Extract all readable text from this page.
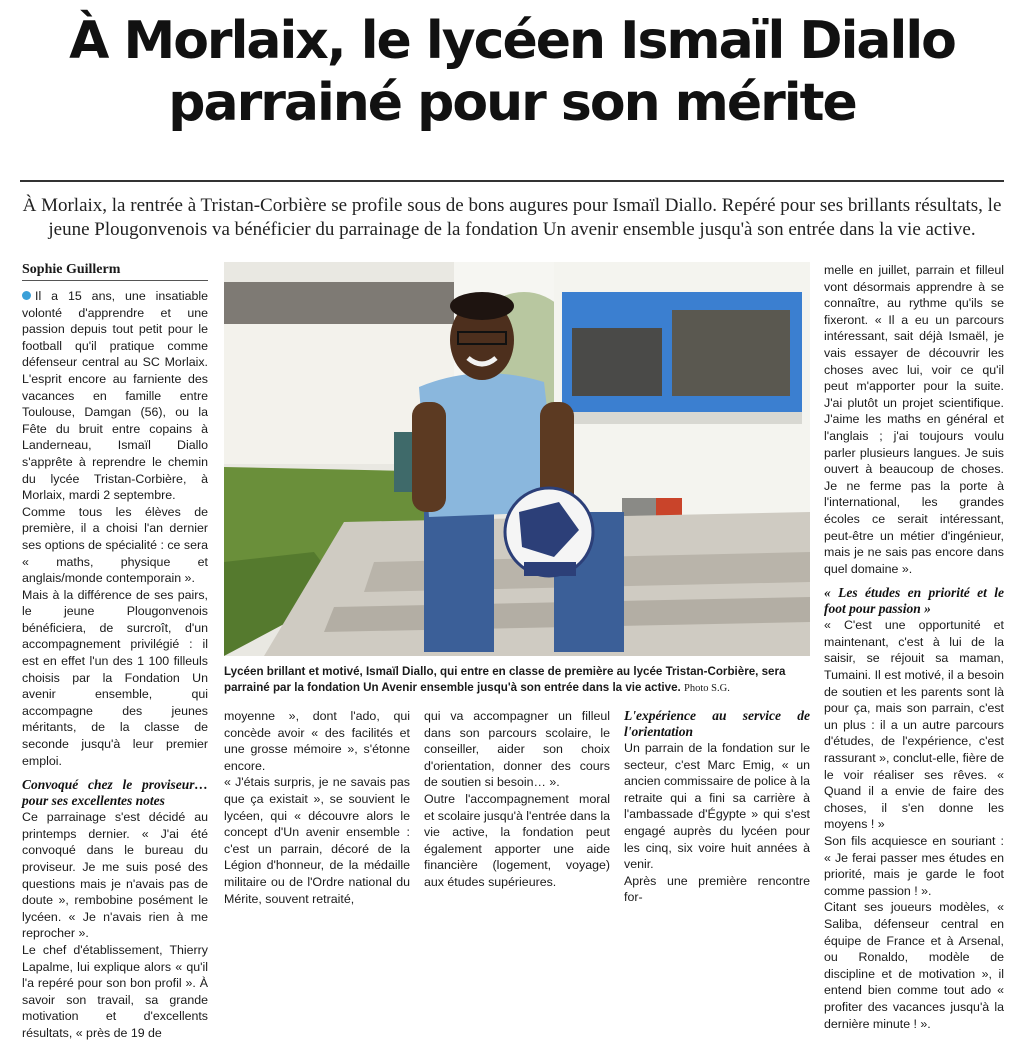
À Morlaix, le lycéen Ismaïl Diallo
parrainé pour son mérite
À Morlaix, la rentrée à Tristan-Corbière se profile sous de bons augures pour Ismaïl Diallo. Repéré pour ses brillants résultats, le jeune Plougonvenois va bénéficier du parrainage de la fondation Un avenir ensemble jusqu'à son entrée dans la vie active.
Sophie Guillerm

Il a 15 ans, une insatiable volonté d'apprendre et une passion depuis tout petit pour le football qu'il pratique comme défenseur central au SC Morlaix. L'esprit encore au farniente des vacances en famille entre Toulouse, Damgan (56), ou la Fête du bruit entre copains à Landerneau, Ismaïl Diallo s'apprête à reprendre le chemin du lycée Tristan-Corbière, à Morlaix, mardi 2 septembre.

Comme tous les élèves de première, il a choisi l'an dernier ses options de spécialité : ce sera « maths, physique et anglais/monde contemporain ».

Mais à la différence de ses pairs, le jeune Plougonvenois bénéficiera, de surcroît, d'un accompagnement privilégié : il est en effet l'un des 1 100 filleuls choisis par la Fondation Un avenir ensemble, qui accompagne des jeunes méritants, de la classe de seconde jusqu'à leur premier emploi.

Convoqué chez le proviseur… pour ses excellentes notes

Ce parrainage s'est décidé au printemps dernier. « J'ai été convoqué dans le bureau du proviseur. Je me suis posé des questions mais je n'avais pas de doute », rembobine posément le lycéen. « Je n'avais rien à me reprocher ».

Le chef d'établissement, Thierry Lapalme, lui explique alors « qu'il l'a repéré pour son bon profil ». À savoir son travail, sa grande motivation et d'excellents résultats, « près de 19 de

Lycéen brillant et motivé, Ismaïl Diallo, qui entre en classe de première au lycée Tristan-Corbière, sera parrainé par la fondation Un Avenir ensemble jusqu'à son entrée dans la vie active. Photo S.G.

moyenne », dont l'ado, qui concède avoir « des facilités et une grosse mémoire », s'étonne encore.

« J'étais surpris, je ne savais pas que ça existait », se souvient le lycéen, qui « découvre alors le concept d'Un avenir ensemble : c'est un parrain, décoré de la Légion d'honneur, de la médaille militaire ou de l'Ordre national du Mérite, souvent retraité,

qui va accompagner un filleul dans son parcours scolaire, le conseiller, aider son choix d'orientation, donner des cours de soutien si besoin… ».

Outre l'accompagnement moral et scolaire jusqu'à l'entrée dans la vie active, la fondation peut également apporter une aide financière (logement, voyage) aux études supérieures.

L'expérience au service de l'orientation

Un parrain de la fondation sur le secteur, c'est Marc Emig, « un ancien commissaire de police à la retraite qui a fini sa carrière à l'ambassade d'Égypte » qui s'est engagé auprès du lycéen pour les cinq, six voire huit années à venir.

Après une première rencontre for-

melle en juillet, parrain et filleul vont désormais apprendre à se connaître, au rythme qu'ils se fixeront. « Il a eu un parcours intéressant, sait déjà Ismaël, je vais essayer de découvrir les choses avec lui, voir ce qu'il peut m'apporter pour la suite. J'ai plutôt un projet scientifique. J'aime les maths en général et l'anglais ; j'ai toujours voulu parler plusieurs langues. Je suis ouvert à beaucoup de choses. Je ne ferme pas la porte à l'international, les grandes écoles ce serait intéressant, peut-être un métier d'ingénieur, mais je ne sais pas encore dans quel domaine ».

« Les études en priorité et le foot pour passion »

« C'est une opportunité et maintenant, c'est à lui de la saisir, se réjouit sa maman, Tumaini. Il est motivé, il a besoin de soutien et les parents sont là pour ça, mais son parrain, c'est un plus : il a un autre parcours d'études, de l'expérience, c'est rassurant », conclut-elle, fière de le voir réaliser ses rêves. « Quand il a envie de faire des choses, il s'en donne les moyens ! »

Son fils acquiesce en souriant : « Je ferai passer mes études en priorité, mais je garde le foot comme passion ! ».

Citant ses joueurs modèles, « Saliba, défenseur central en équipe de France et à Arsenal, ou Ronaldo, modèle de discipline et de motivation », il entend bien comme tout ado « profiter des vacances jusqu'à la dernière minute ! ».
